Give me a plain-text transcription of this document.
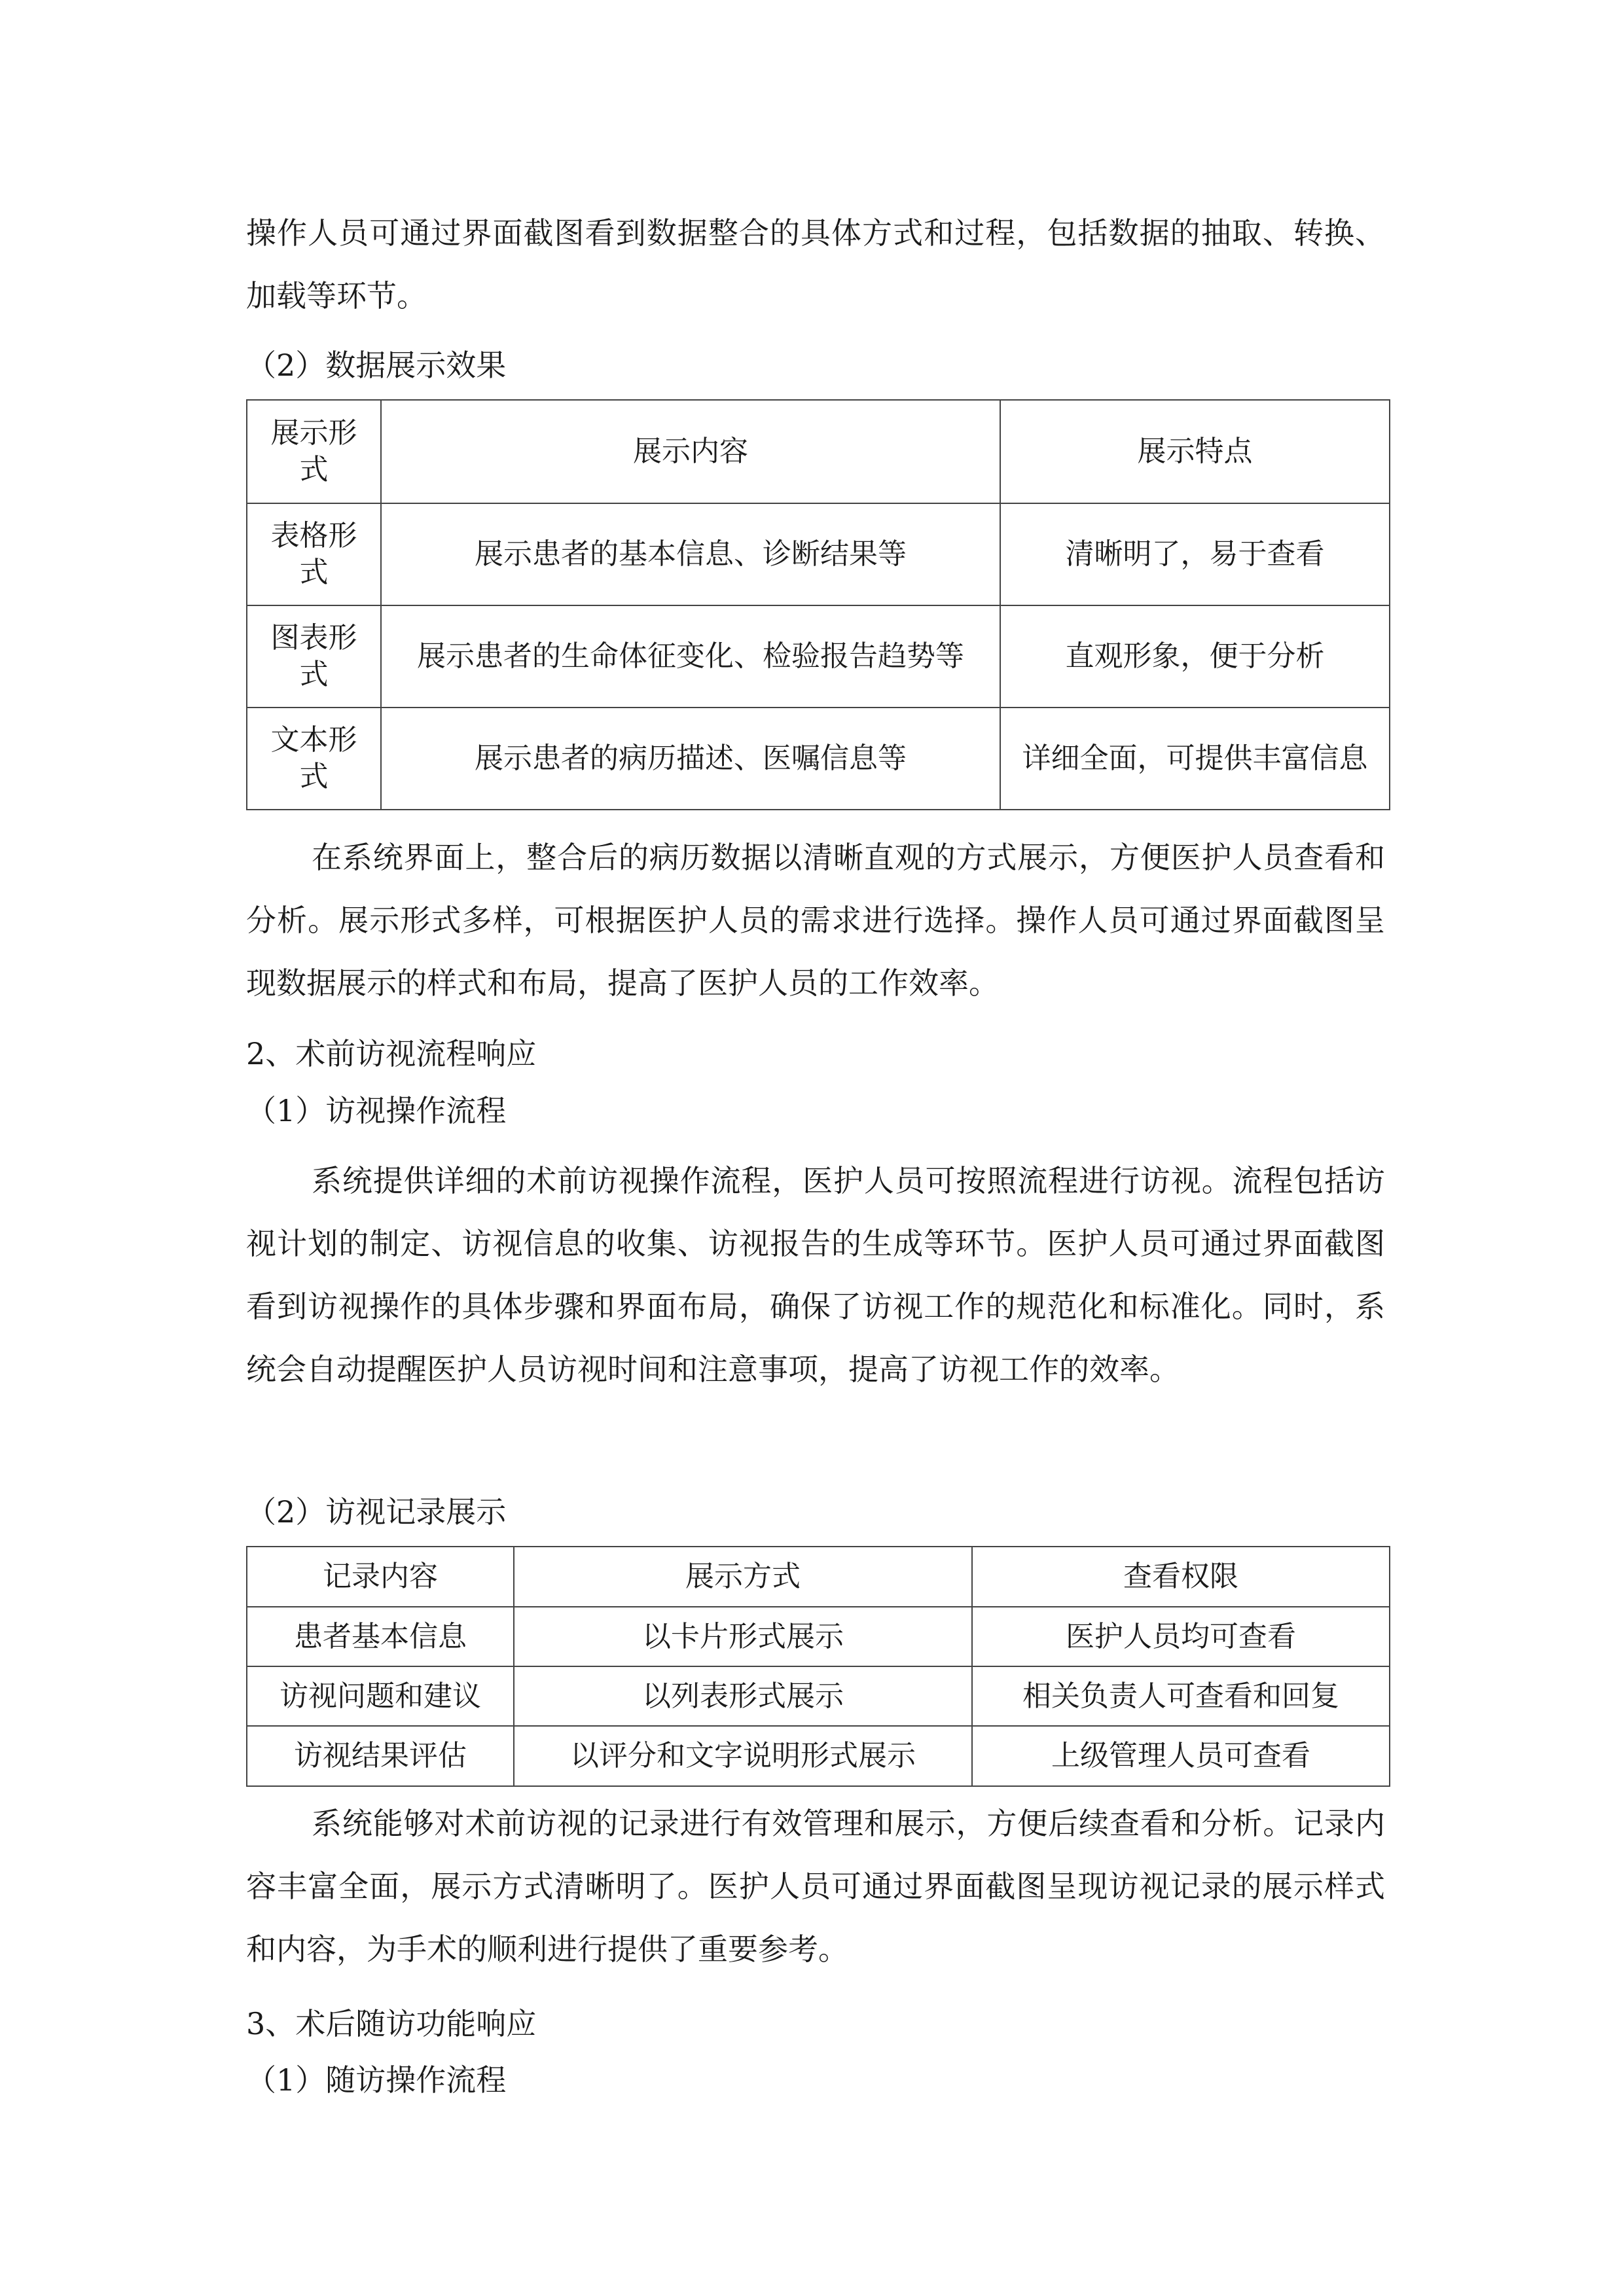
操作人员可通过界面截图看到数据整合的具体方式和过程，包括数据的抽取、转换、加载等环节。

（2）数据展示效果
展示形式	展示内容	展示特点
表格形式	展示患者的基本信息、诊断结果等	清晰明了，易于查看
图表形式	展示患者的生命体征变化、检验报告趋势等	直观形象，便于分析
文本形式	展示患者的病历描述、医嘱信息等	详细全面，可提供丰富信息

在系统界面上，整合后的病历数据以清晰直观的方式展示，方便医护人员查看和分析。展示形式多样，可根据医护人员的需求进行选择。操作人员可通过界面截图呈现数据展示的样式和布局，提高了医护人员的工作效率。

2、术前访视流程响应
（1）访视操作流程

系统提供详细的术前访视操作流程，医护人员可按照流程进行访视。流程包括访视计划的制定、访视信息的收集、访视报告的生成等环节。医护人员可通过界面截图看到访视操作的具体步骤和界面布局，确保了访视工作的规范化和标准化。同时，系统会自动提醒医护人员访视时间和注意事项，提高了访视工作的效率。

（2）访视记录展示
记录内容	展示方式	查看权限
患者基本信息	以卡片形式展示	医护人员均可查看
访视问题和建议	以列表形式展示	相关负责人可查看和回复
访视结果评估	以评分和文字说明形式展示	上级管理人员可查看

系统能够对术前访视的记录进行有效管理和展示，方便后续查看和分析。记录内容丰富全面，展示方式清晰明了。医护人员可通过界面截图呈现访视记录的展示样式和内容，为手术的顺利进行提供了重要参考。

3、术后随访功能响应
（1）随访操作流程
